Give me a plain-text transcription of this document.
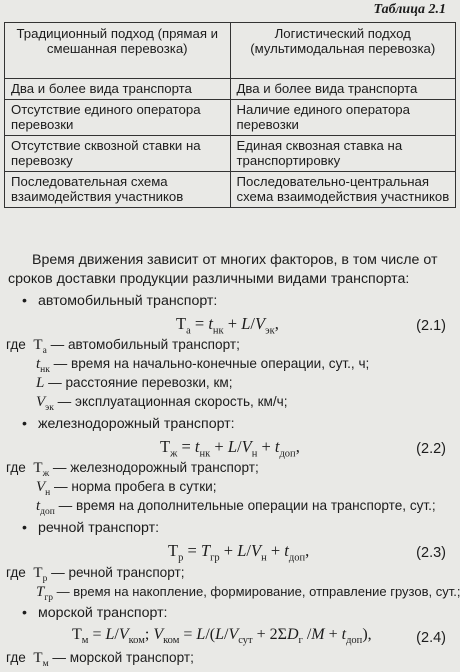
Таблица 2.1
Традиционный подход (прямая и смешанная перевозка)	Логистический подход (мультимодальная перевозка)
Два и более вида транспорта	Два и более вида транспорта
Отсутствие единого оператора перевозки	Наличие единого оператора перевозки
Отсутствие сквозной ставки на перевозку	Единая сквозная ставка на транспортировку
Последовательная схема взаимодействия участников	Последовательно-центральная схема взаимодействия участников
Время движения зависит от многих факторов, в том числе от сроков доставки продукции различными видами транспорта:
• автомобильный транспорт:
$T_а = t_{нк} + L/V_{эк}$,	(2.1)
где $T_а$ — автомобильный транспорт;
$t_{нк}$ — время на начально-конечные операции, сут., ч;
L — расстояние перевозки, км;
$V_{эк}$ — эксплуатационная скорость, км/ч;
• железнодорожный транспорт:
$T_ж = t_{нк} + L/V_н + t_{доп}$,	(2.2)
где $T_ж$ — железнодорожный транспорт;
$V_н$ — норма пробега в сутки;
$t_{доп}$ — время на дополнительные операции на транспорте, сут.;
• речной транспорт:
$T_р = T_{гр} + L/V_н + t_{доп}$,	(2.3)
где $T_р$ — речной транспорт;
$T_{гр}$ — время на накопление, формирование, отправление грузов, сут.;
• морской транспорт:
$T_м = L/V_{ком}$; $V_{ком} = L/(L/V_{сут} + 2\Sigma D_г$ $/M + t_{доп}$),	(2.4)
где $T_м$ — морской транспорт;
